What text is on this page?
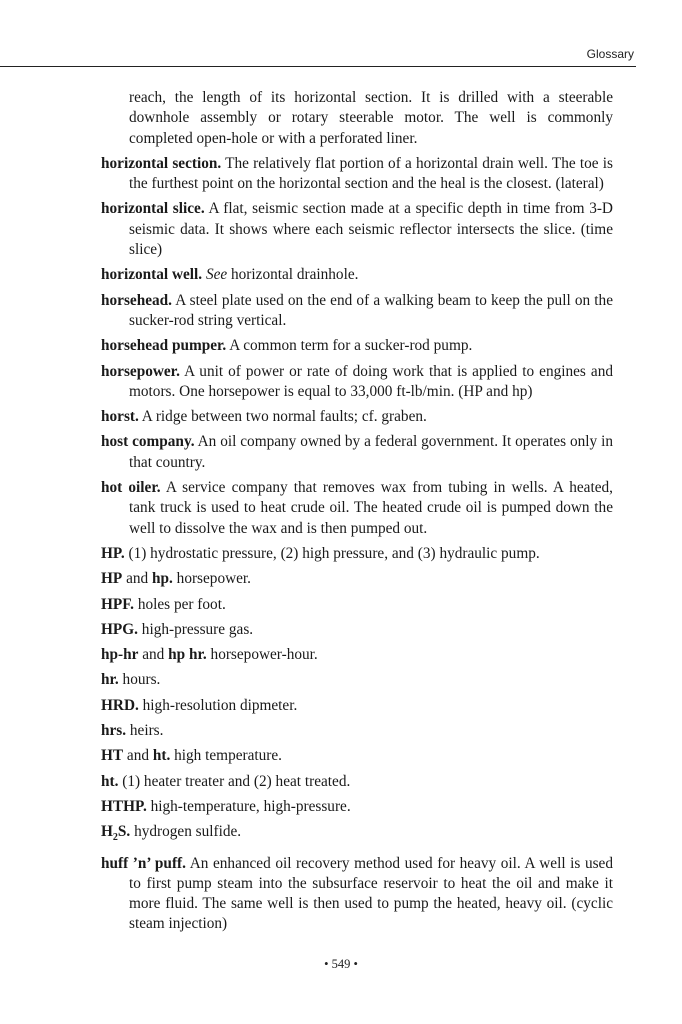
Glossary

reach, the length of its horizontal section. It is drilled with a steerable downhole assembly or rotary steerable motor. The well is commonly completed open-hole or with a perforated liner.

horizontal section. The relatively flat portion of a horizontal drain well. The toe is the furthest point on the horizontal section and the heal is the closest. (lateral)

horizontal slice. A flat, seismic section made at a specific depth in time from 3-D seismic data. It shows where each seismic reflector intersects the slice. (time slice)

horizontal well. See horizontal drainhole.

horsehead. A steel plate used on the end of a walking beam to keep the pull on the sucker-rod string vertical.

horsehead pumper. A common term for a sucker-rod pump.

horsepower. A unit of power or rate of doing work that is applied to engines and motors. One horsepower is equal to 33,000 ft-lb/min. (HP and hp)

horst. A ridge between two normal faults; cf. graben.

host company. An oil company owned by a federal government. It operates only in that country.

hot oiler. A service company that removes wax from tubing in wells. A heated, tank truck is used to heat crude oil. The heated crude oil is pumped down the well to dissolve the wax and is then pumped out.

HP. (1) hydrostatic pressure, (2) high pressure, and (3) hydraulic pump.

HP and hp. horsepower.

HPF. holes per foot.

HPG. high-pressure gas.

hp-hr and hp hr. horsepower-hour.

hr. hours.

HRD. high-resolution dipmeter.

hrs. heirs.

HT and ht. high temperature.

ht. (1) heater treater and (2) heat treated.

HTHP. high-temperature, high-pressure.

$H_2S$. hydrogen sulfide.

huff ’n’ puff. An enhanced oil recovery method used for heavy oil. A well is used to first pump steam into the subsurface reservoir to heat the oil and make it more fluid. The same well is then used to pump the heated, heavy oil. (cyclic steam injection)

• 549 •
